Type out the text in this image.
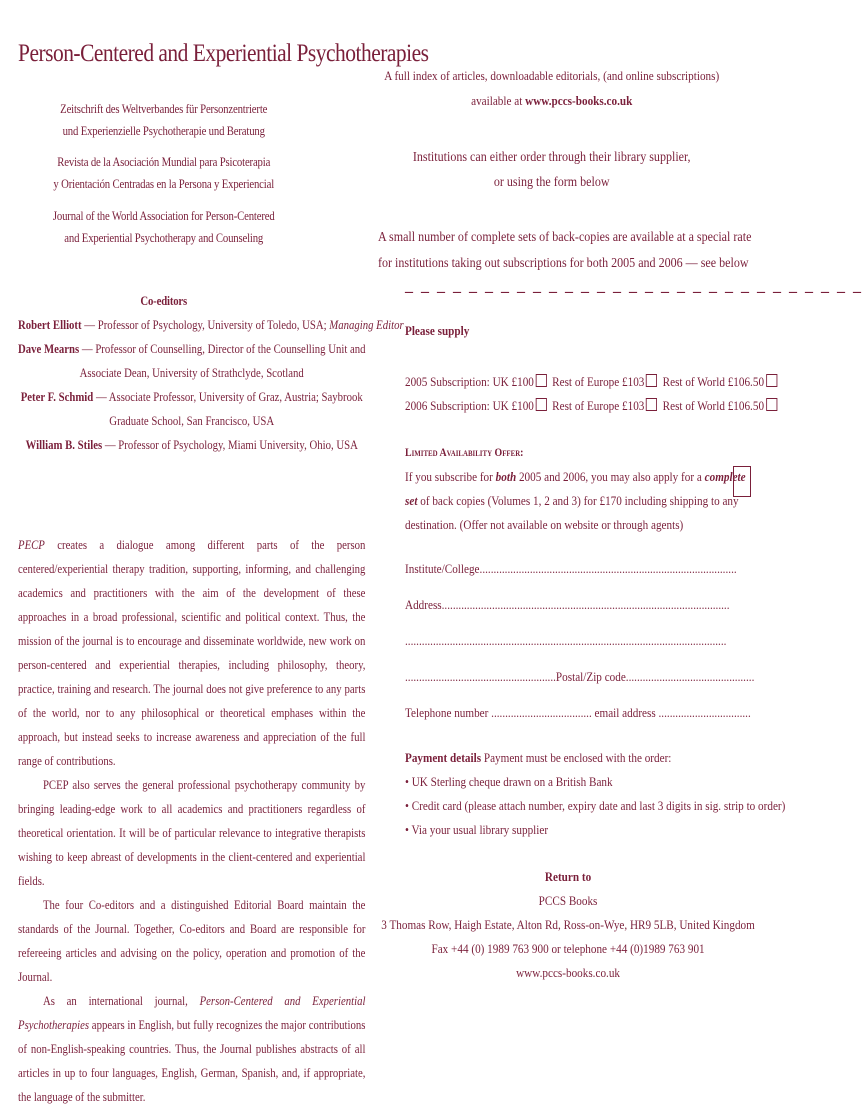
Person-Centered and Experiential Psychotherapies
Zeitschrift des Weltverbandes für Personzentrierte
und Experienzielle Psychotherapie und Beratung
Revista de la Asociación Mundial para Psicoterapia
y Orientación Centradas en la Persona y Experiencial
Journal of the World Association for Person-Centered
and Experiential Psychotherapy and Counseling
Co-editors
Robert Elliott — Professor of Psychology, University of Toledo, USA; Managing Editor
Dave Mearns — Professor of Counselling, Director of the Counselling Unit and
Associate Dean, University of Strathclyde, Scotland
Peter F. Schmid — Associate Professor, University of Graz, Austria; Saybrook
Graduate School, San Francisco, USA
William B. Stiles — Professor of Psychology, Miami University, Ohio, USA

PECP creates a dialogue among different parts of the person centered/experiential therapy tradition, supporting, informing, and challenging academics and practitioners with the aim of the development of these approaches in a broad professional, scientific and political context. Thus, the mission of the journal is to encourage and disseminate worldwide, new work on person-centered and experiential therapies, including philosophy, theory, practice, training and research. The journal does not give preference to any parts of the world, nor to any philosophical or theoretical emphases within the approach, but instead seeks to increase awareness and appreciation of the full range of contributions.

PCEP also serves the general professional psychotherapy community by bringing leading-edge work to all academics and practitioners regardless of theoretical orientation. It will be of particular relevance to integrative therapists wishing to keep abreast of developments in the client-centered and experiential fields.

The four Co-editors and a distinguished Editorial Board maintain the standards of the Journal. Together, Co-editors and Board are responsible for refereeing articles and advising on the policy, operation and promotion of the Journal.

As an international journal, Person-Centered and Experiential Psychotherapies appears in English, but fully recognizes the major contributions of non-English-speaking countries. Thus, the Journal publishes abstracts of all articles in up to four languages, English, German, Spanish, and, if appropriate, the language of the submitter.

A full index of articles, downloadable editorials, (and online subscriptions)
available at www.pccs-books.co.uk
Institutions can either order through their library supplier,
or using the form below
A small number of complete sets of back-copies are available at a special rate
for institutions taking out subscriptions for both 2005 and 2006 — see below
– – – – – – – – – – – – – – – – – – – – – – – – – – – – –
Please supply
2005 Subscription: UK £100 Rest of Europe £103 Rest of World £106.50
2006 Subscription: UK £100 Rest of Europe £103 Rest of World £106.50
Limited Availability Offer:
If you subscribe for both 2005 and 2006, you may also apply for a complete
set of back copies (Volumes 1, 2 and 3) for £170 including shipping to any
destination. (Offer not available on website or through agents)
Institute/College............................................................................................
Address.......................................................................................................
...................................................................................................................
......................................................Postal/Zip code..............................................
Telephone number .................................... email address .................................
Payment details Payment must be enclosed with the order:
• UK Sterling cheque drawn on a British Bank
• Credit card (please attach number, expiry date and last 3 digits in sig. strip to order)
• Via your usual library supplier
Return to
PCCS Books
3 Thomas Row, Haigh Estate, Alton Rd, Ross-on-Wye, HR9 5LB, United Kingdom
Fax +44 (0) 1989 763 900 or telephone +44 (0)1989 763 901
www.pccs-books.co.uk
